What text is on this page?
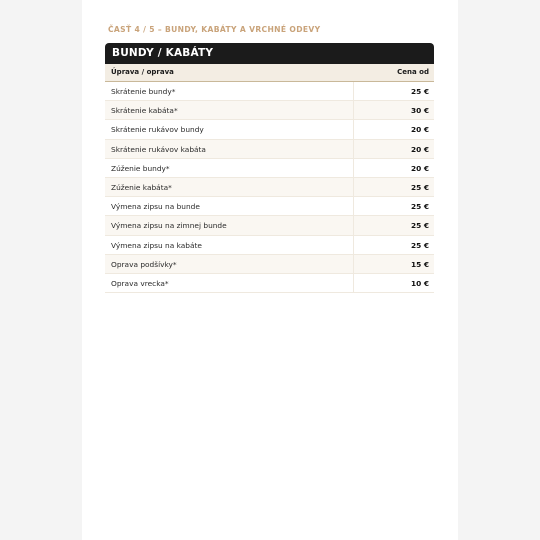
ČASŤ 4 / 5 – BUNDY, KABÁTY A VRCHNÉ ODEVY
BUNDY / KABÁTY
Úprava / oprava	Cena od
Skrátenie bundy*	25 €
Skrátenie kabáta*	30 €
Skrátenie rukávov bundy	20 €
Skrátenie rukávov kabáta	20 €
Zúženie bundy*	20 €
Zúženie kabáta*	25 €
Výmena zipsu na bunde	25 €
Výmena zipsu na zimnej bunde	25 €
Výmena zipsu na kabáte	25 €
Oprava podšívky*	15 €
Oprava vrecka*	10 €
